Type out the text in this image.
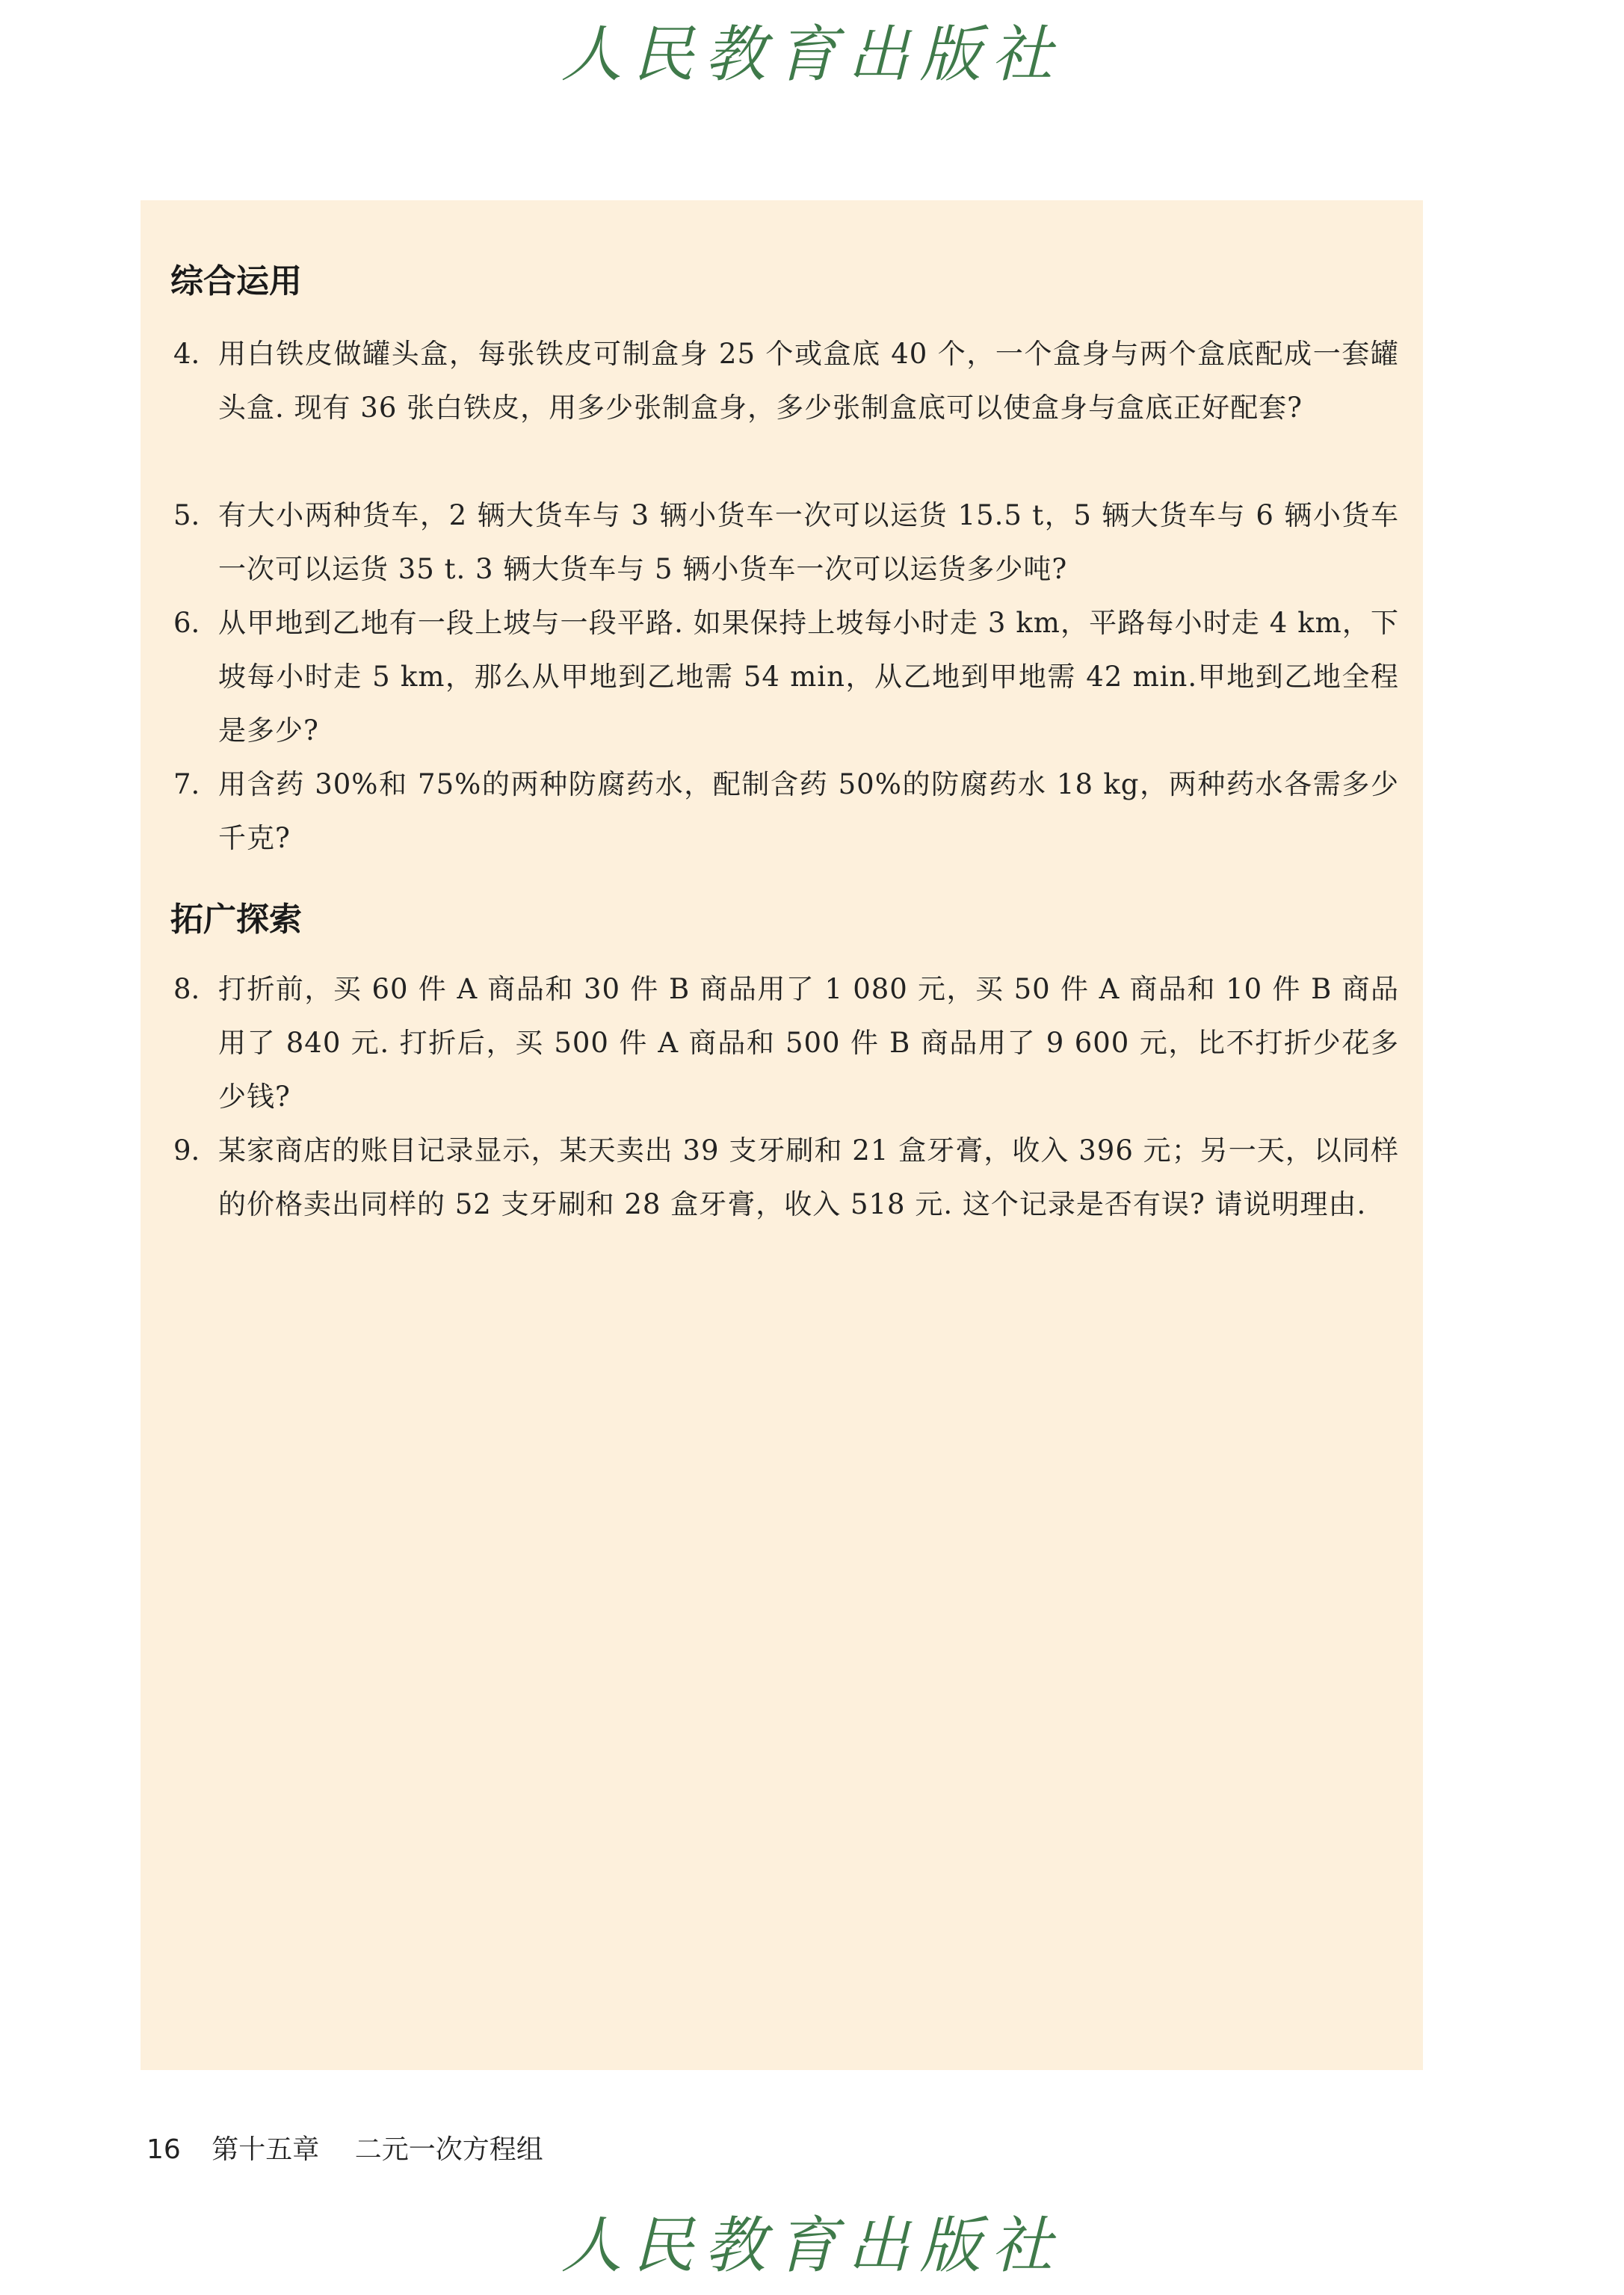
人民教育出版社
综合运用
4. 用白铁皮做罐头盒，每张铁皮可制盒身 25 个或盒底 40 个，一个盒身与两个盒底配成一套罐头盒. 现有 36 张白铁皮，用多少张制盒身，多少张制盒底可以使盒身与盒底正好配套?
5. 有大小两种货车，2 辆大货车与 3 辆小货车一次可以运货 15.5 t，5 辆大货车与 6 辆小货车一次可以运货 35 t. 3 辆大货车与 5 辆小货车一次可以运货多少吨?
6. 从甲地到乙地有一段上坡与一段平路. 如果保持上坡每小时走 3 km，平路每小时走 4 km，下坡每小时走 5 km，那么从甲地到乙地需 54 min，从乙地到甲地需 42 min.甲地到乙地全程是多少?
7. 用含药 30%和 75%的两种防腐药水，配制含药 50%的防腐药水 18 kg，两种药水各需多少千克?
拓广探索
8. 打折前，买 60 件 A 商品和 30 件 B 商品用了 1 080 元，买 50 件 A 商品和 10 件 B 商品用了 840 元. 打折后，买 500 件 A 商品和 500 件 B 商品用了 9 600 元，比不打折少花多少钱?
9. 某家商店的账目记录显示，某天卖出 39 支牙刷和 21 盒牙膏，收入 396 元；另一天，以同样的价格卖出同样的 52 支牙刷和 28 盒牙膏，收入 518 元. 这个记录是否有误? 请说明理由.
16 第十五章 二元一次方程组
人民教育出版社
